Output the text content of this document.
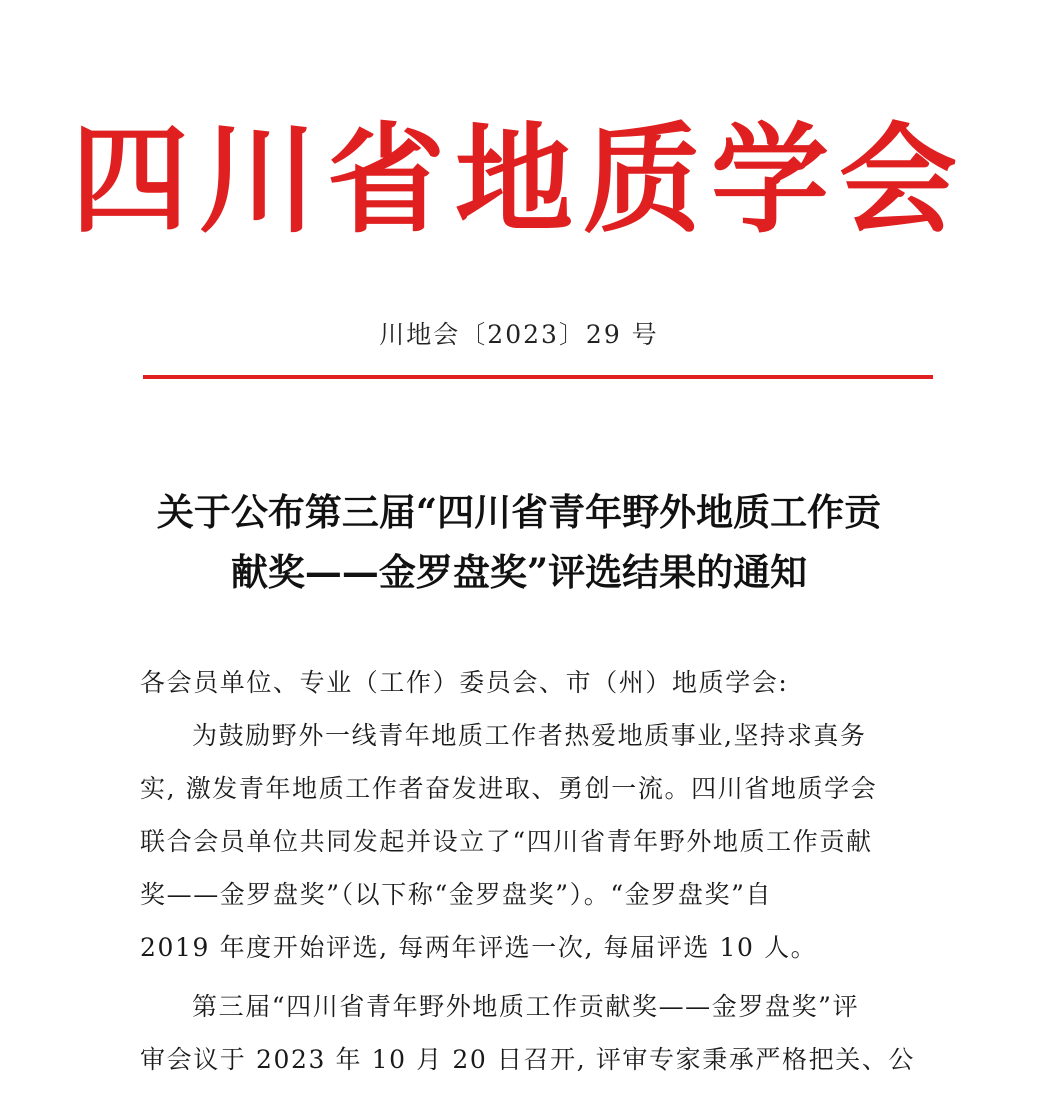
四川省地质学会
川地会〔2023〕29 号
关于公布第三届“四川省青年野外地质工作贡
献奖——金罗盘奖”评选结果的通知
各会员单位、专业（工作）委员会、市（州）地质学会:
为鼓励野外一线青年地质工作者热爱地质事业,坚持求真务
实, 激发青年地质工作者奋发进取、勇创一流。四川省地质学会
联合会员单位共同发起并设立了“四川省青年野外地质工作贡献
奖——金罗盘奖”（以下称“金罗盘奖”）。“金罗盘奖”自
2019 年度开始评选, 每两年评选一次, 每届评选 10 人。
第三届“四川省青年野外地质工作贡献奖——金罗盘奖”评
审会议于 2023 年 10 月 20 日召开, 评审专家秉承严格把关、公
